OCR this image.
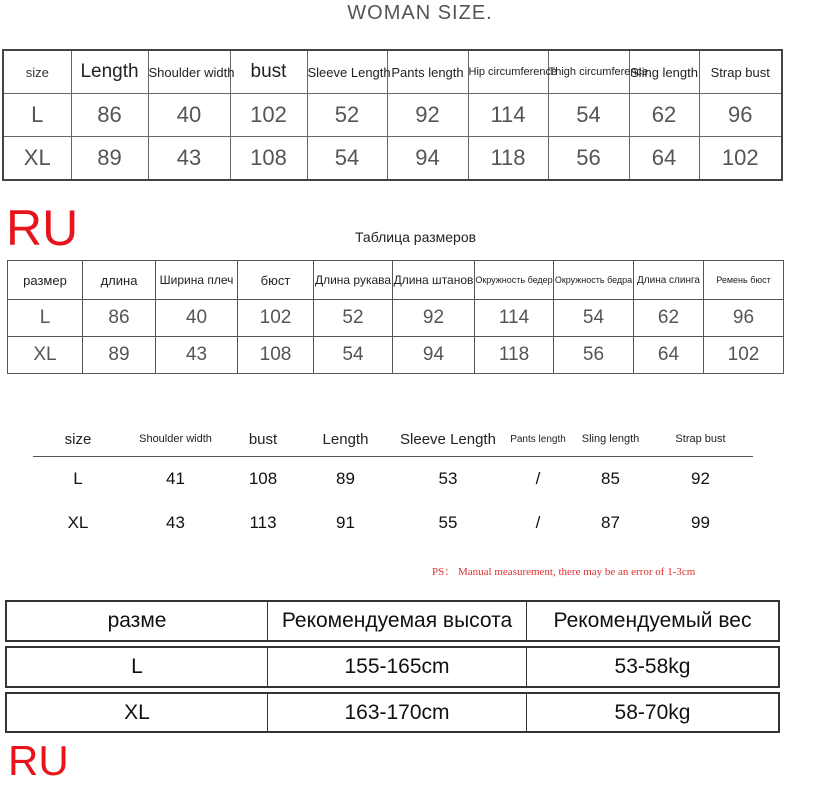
WOMAN SIZE.
size	Length	Shoulder width	bust	Sleeve Length	Pants length	Hip circumference	Thigh circumference	Sling length	Strap bust
L	86	40	102	52	92	114	54	62	96
XL	89	43	108	54	94	118	56	64	102
RU	Таблица размеров
размер	длина	Ширина плеч	бюст	Длина рукава	Длина штанов	Окружность бедер	Окружность бедра	Длина слинга	Ремень бюст
L	86	40	102	52	92	114	54	62	96
XL	89	43	108	54	94	118	56	64	102
size	Shoulder width	bust	Length	Sleeve Length	Pants length	Sling length	Strap bust
L	41	108	89	53	/	85	92
XL	43	113	91	55	/	87	99
PS： Manual measurement, there may be an error of 1-3cm
разме	Рекомендуемая высота	Рекомендуемый вес
L	155-165cm	53-58kg
XL	163-170cm	58-70kg
RU
